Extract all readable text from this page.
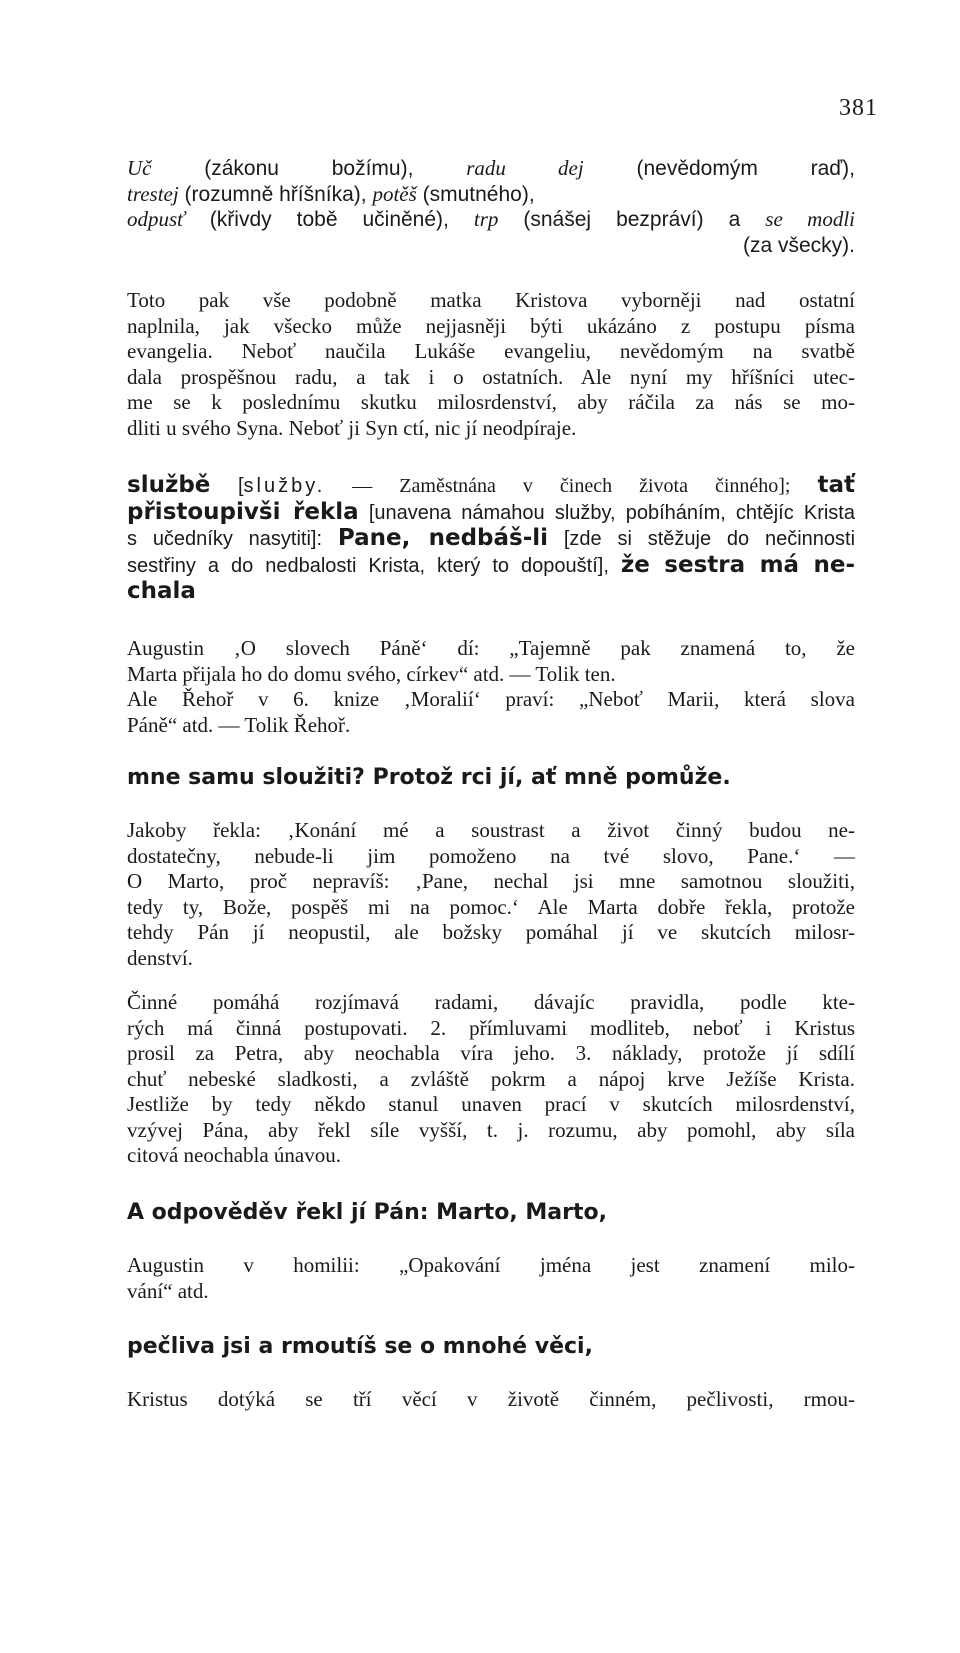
381
Uč (zákonu božímu), radu dej (nevědomým raď),
trestej (rozumně hříšníka), potěš (smutného),
odpusť (křivdy tobě učiněné), trp (snášej bezpráví) a se modli
(za všecky).
Toto pak vše podobně matka Kristova vyborněji nad ostatní
naplnila, jak všecko může nejjasněji býti ukázáno z postupu písma
evangelia. Neboť naučila Lukáše evangeliu, nevědomým na svatbě
dala prospěšnou radu, a tak i o ostatních. Ale nyní my hříšníci utec-
me se k poslednímu skutku milosrdenství, aby ráčila za nás se mo-
dliti u svého Syna. Neboť ji Syn ctí, nic jí neodpíraje.
službě [služby. — Zaměstnána v činech života činného]; tať
přistoupivši řekla [unavena námahou služby, pobíháním, chtějíc Krista
s učedníky nasytiti]: Pane, nedbáš-li [zde si stěžuje do nečinnosti
sestřiny a do nedbalosti Krista, který to dopouští], že sestra má ne-
chala
Augustin ‚O slovech Páně‘ dí: „Tajemně pak znamená to, že
Marta přijala ho do domu svého, církev“ atd. — Tolik ten.
Ale Řehoř v 6. knize ‚Moralií‘ praví: „Neboť Marii, která slova
Páně“ atd. — Tolik Řehoř.
mne samu sloužiti? Protož rci jí, ať mně pomůže.
Jakoby řekla: ‚Konání mé a soustrast a život činný budou ne-
dostatečny, nebude-li jim pomoženo na tvé slovo, Pane.‘ —
O Marto, proč nepravíš: ‚Pane, nechal jsi mne samotnou sloužiti,
tedy ty, Bože, pospěš mi na pomoc.‘ Ale Marta dobře řekla, protože
tehdy Pán jí neopustil, ale božsky pomáhal jí ve skutcích milosr-
denství.
Činné pomáhá rozjímavá radami, dávajíc pravidla, podle kte-
rých má činná postupovati. 2. přímluvami modliteb, neboť i Kristus
prosil za Petra, aby neochabla víra jeho. 3. náklady, protože jí sdílí
chuť nebeské sladkosti, a zvláště pokrm a nápoj krve Ježíše Krista.
Jestliže by tedy někdo stanul unaven prací v skutcích milosrdenství,
vzývej Pána, aby řekl síle vyšší, t. j. rozumu, aby pomohl, aby síla
citová neochabla únavou.
A odpověděv řekl jí Pán: Marto, Marto,
Augustin v homilii: „Opakování jména jest znamení milo-
vání“ atd.
pečliva jsi a rmoutíš se o mnohé věci,
Kristus dotýká se tří věcí v životě činném, pečlivosti, rmou-
